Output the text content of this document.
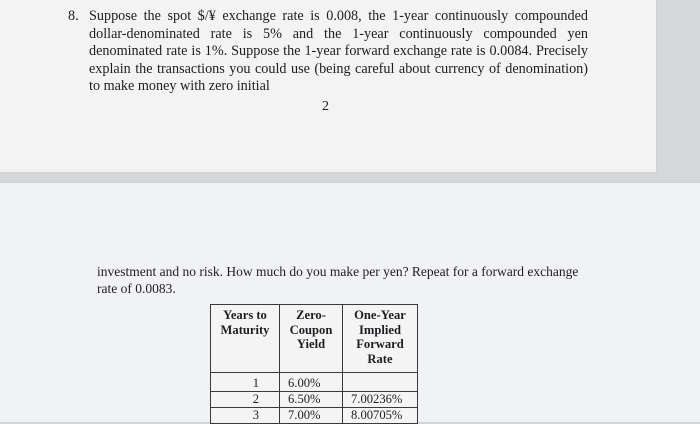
8. Suppose the spot $/¥ exchange rate is 0.008, the 1-year continuously compounded dollar-denominated rate is 5% and the 1-year continuously compounded yen denominated rate is 1%. Suppose the 1-year forward exchange rate is 0.0084. Precisely explain the transactions you could use (being careful about currency of denomination) to make money with zero initial
2
investment and no risk. How much do you make per yen? Repeat for a forward exchange rate of 0.0083.
Years to Maturity	Zero-Coupon Yield	One-Year Implied Forward Rate
1	6.00%	
2	6.50%	7.00236%
3	7.00%	8.00705%
